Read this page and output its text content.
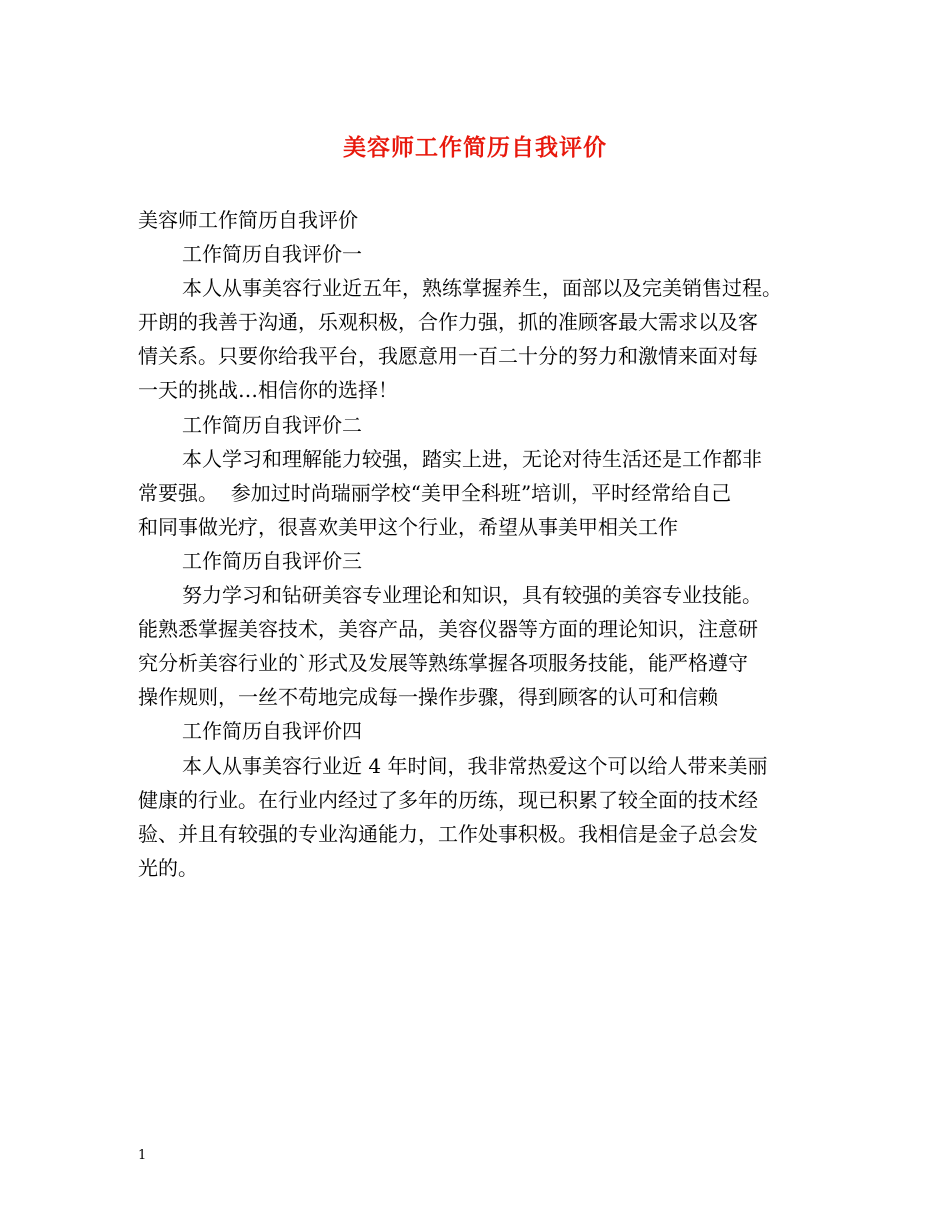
美容师工作简历自我评价
美容师工作简历自我评价
工作简历自我评价一
本人从事美容行业近五年，熟练掌握养生，面部以及完美销售过程。
开朗的我善于沟通，乐观积极，合作力强，抓的准顾客最大需求以及客
情关系。只要你给我平台，我愿意用一百二十分的努力和激情来面对每
一天的挑战…相信你的选择！
工作简历自我评价二
本人学习和理解能力较强，踏实上进，无论对待生活还是工作都非
常要强。  参加过时尚瑞丽学校“美甲全科班”培训，平时经常给自己
和同事做光疗，很喜欢美甲这个行业，希望从事美甲相关工作
工作简历自我评价三
努力学习和钻研美容专业理论和知识，具有较强的美容专业技能。
能熟悉掌握美容技术，美容产品，美容仪器等方面的理论知识，注意研
究分析美容行业的`形式及发展等熟练掌握各项服务技能，能严格遵守
操作规则，一丝不苟地完成每一操作步骤，得到顾客的认可和信赖
工作简历自我评价四
本人从事美容行业近 4 年时间，我非常热爱这个可以给人带来美丽
健康的行业。在行业内经过了多年的历练，现已积累了较全面的技术经
验、并且有较强的专业沟通能力，工作处事积极。我相信是金子总会发
光的。
1
